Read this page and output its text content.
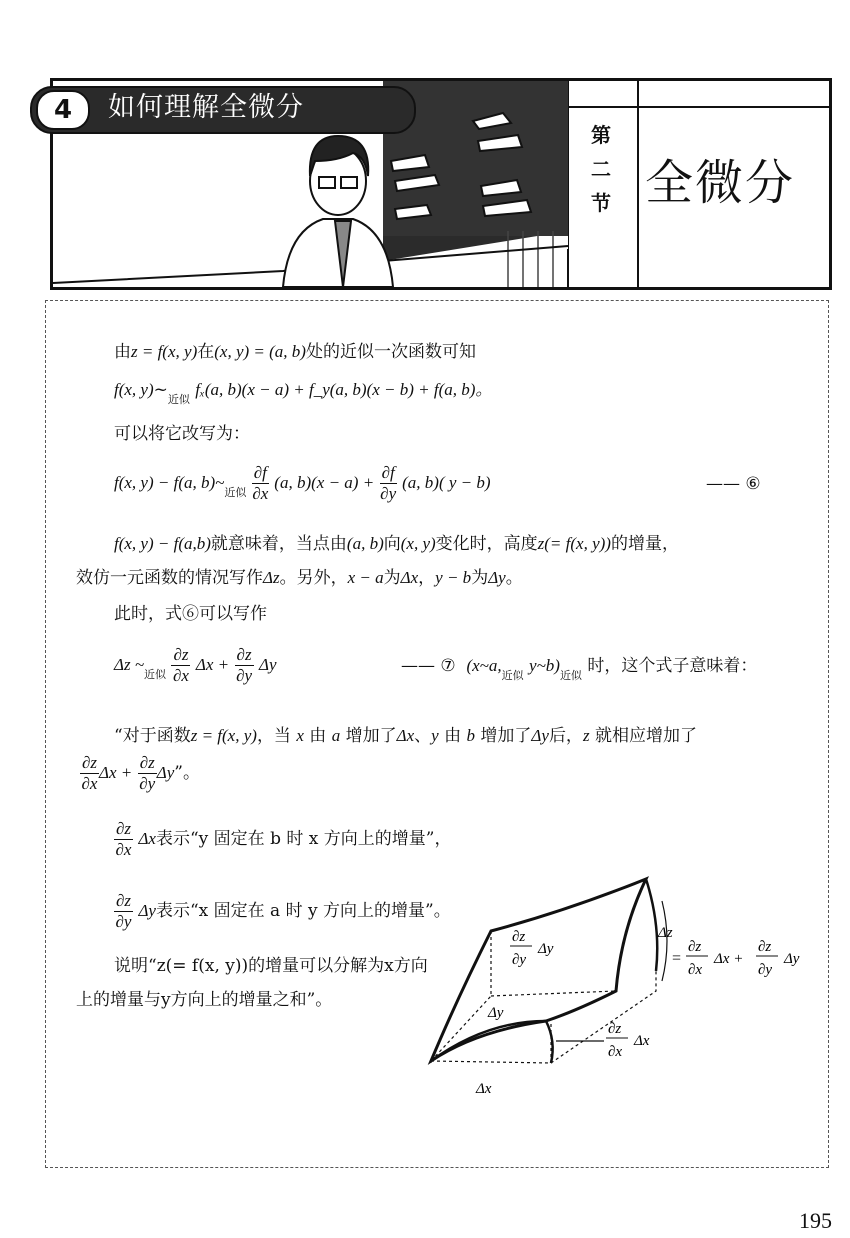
4	如何理解全微分
第
二
节 全微分
由z = f(x, y)在(x, y) = (a, b)处的近似一次函数可知
f(x, $y)\sim_{近似}$ fₓ(a, b)(x − a) + f_y(a, b)(x − b) + f(a, b)。
可以将它改写为：
f(x, y) − f(a, $b)\sim_{近似} \frac{\partial f}{\partial x} (a$, $b)(x - a) + \frac{\partial f}{\partial y} (a$, b)( y − b)	—— ⑥
f(x, y) − f(a,b)就意味着，当点由(a, b)向(x, y)变化时，高度z(= f(x, y))的增量，
效仿一元函数的情况写作Δz。另外，x − a为Δx，y − b为Δy。
此时，式⑥可以写作
Δz $\sim_{近似} \frac{\partial z}{\partial x}$ $\Delta x + \frac{\partial z}{\partial y}$ Δy	—— ⑦ ($x\sim a,_{近似}$ $y\sim b)_{近似}$ 时，这个式子意味着：
“对于函数z = f(x, y)，当 x 由 a 增加了Δx、y 由 b 增加了Δy后，z 就相应增加了
$\frac{\partial z}{\partial x}$ $\Delta x + \frac{\partial z}{\partial y} \Delta y$”。
$\frac{\partial z}{\partial x}$ Δx表示“y 固定在 b 时 x 方向上的增量”，
$\frac{\partial z}{\partial y}$ Δy表示“x 固定在 a 时 y 方向上的增量”。
说明“z(= f(x, y))的增量可以分解为x方向
上的增量与y方向上的增量之和”。
∂z
∂y
Δy
Δz
=
∂z
∂x
Δx +
∂z
∂y
Δy
Δy
Δx
∂z
∂x
Δx
195
